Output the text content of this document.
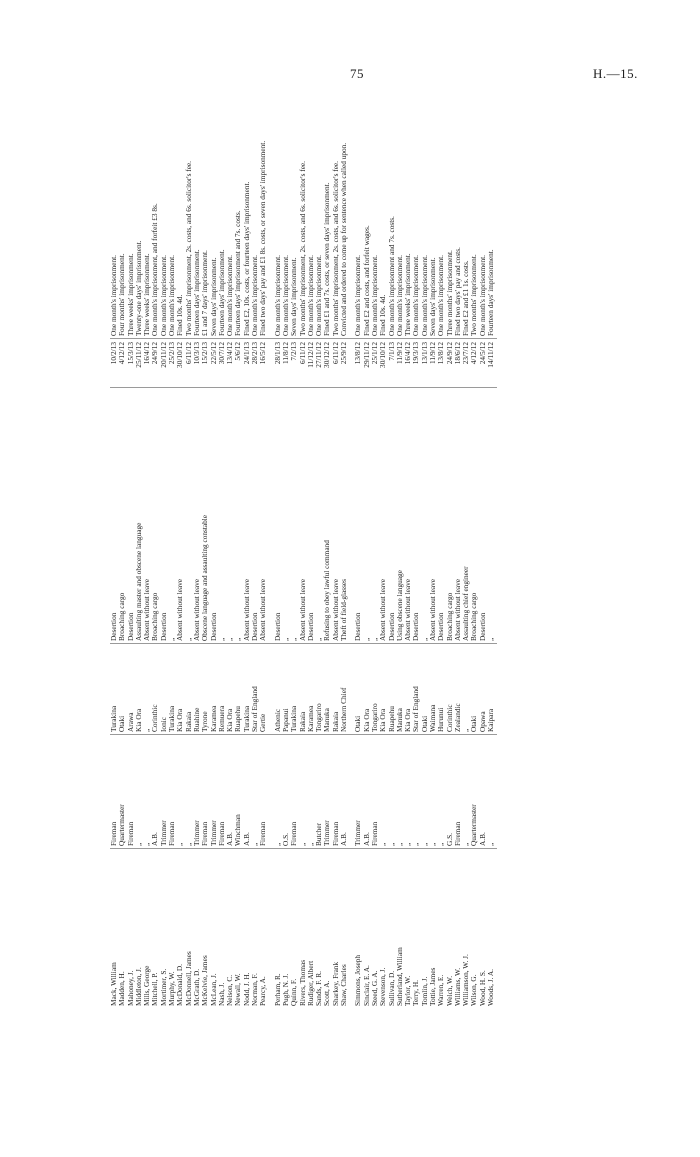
75	H.—15.
Mack, William
Fireman
Turakina
Desertion
10/2/13
One month's imprisonment.
Madden, H.
Quartermaster
Otaki
Broaching cargo
4/12/12
Four months' imprisonment.
Mahoney, J.
Fireman
Arawa
Desertion
15/3/13
Three weeks' imprisonment.
Middleton, J.
„
Kia Ora
Assaulting master and obscene language
25/11/12
Twenty-one days' imprisonment.
Mills, George
„
„
Absent without leave
16/4/12
Three weeks' imprisonment.
Mitchell, P.
A.B.
Corinthic
Broaching cargo
24/9/12
One month's imprisonment, and forfeit £3 8s.
Mortimer, S.
Trimmer
Ionic
Desertion
20/11/12
One month's imprisonment.
Murphy, W.
Fireman
Turakina
„
25/2/13
One month's imprisonment.
McDonald, D.
„
Kia Ora
Absent without leave
30/10/12
Fined 10s. 4d.
McDonnell, James
„
Rakaia
„
6/11/12
Two months' imprisonment, 2s. costs, and 6s. solicitor's fee.
McGrath, D.
Trimmer
Ruahine
Absent without leave
10/3/13
Fourteen days' imprisonment.
McKelvie, James
Fireman
Tyrone
Obscene language and assaulting constable
15/2/13
£1 and 7 days' imprisonment.
McLean, J.
Trimmer
Karamea
Desertion
22/5/12
Seven days' imprisonment.
Nash, J.
Fireman
Remuera
„
30/7/12
Fourteen days' imprisonment.
Nelson, C.
A.B.
Kia Ora
„
13/4/12
One month's imprisonment.
Newall, W.
Winchman
Ruapehu
„
5/6/12
Fourteen days' imprisonment and 7s. costs.
Nodd, J. H.
A.B.
Turakina
Absent without leave
24/1/13
Fined £2, 10s. costs, or fourteen days' imprisonment.
Norman, F.
„
Star of England
Desertion
28/2/13
One month's imprisonment.
Pearcy, A.
Fireman
Gertie
Absent without leave
16/5/12
Fined two days' pay and £1 8s. costs, or seven days' imprisonment.
Perham, R.
„
Athenic
Desertion
28/1/13
One month's imprisonment.
Pugh, N. J.
O.S.
Papanui
„
11/8/12
One month's imprisonment.
Quinn, F.
Fireman
Turakina
„
7/2/13
Seven days' imprisonment.
Rivers, Thomas
„
Rakaia
Absent without leave
6/11/12
Two months' imprisonment, 2s. costs, and 6s. solicitor's fee.
Rudiger, Albert
„
Karamea
Desertion
11/12/12
One month's imprisonment.
Sands, F. R.
Butcher
Tongariro
„
27/11/12
One month's imprisonment.
Scott, A.
Trimmer
Manuka
Refusing to obey lawful command
30/12/12
Fined £1 and 7s. costs, or seven days' imprisonment.
Sharkey, Frank
Fireman
Rakaia
Absent without leave
6/11/12
Two months' imprisonment, 2s. costs, and 6s. solicitor's fee.
Shaw, Charles
A.B.
Northern Chief
Theft of field-glasses
25/9/12
Convicted and ordered to come up for sentence when called upon.
Simmons, Joseph
Trimmer
Otaki
Desertion
13/8/12
One month's imprisonment.
Sinclair, E. A.
A.B.
Kia Ora
„
29/11/12
Fined £2 and costs, and forfeit wages.
Steed, G. A.
Fireman
Tongariro
„
25/1/12
One month's imprisonment.
Stevenson, J.
„
Kia Ora
Absent without leave
30/10/12
Fined 10s. 4d.
Sullivan, D.
„
Ruapehu
Desertion
7/1/13
One month's imprisonment and 7s. costs.
Sutherland, William
„
Manuka
Using obscene language
11/9/12
One month's imprisonment.
Taylor, W.
„
Kia Ora
Absent without leave
16/4/12
Three weeks' imprisonment.
Terry, H.
„
Star of England
Desertion
19/3/13
One month's imprisonment.
Tomlin, J.
„
Otaki
„
13/1/13
One month's imprisonment.
Tottie, James
„
Waimana
Absent without leave
11/9/12
Seven days' imprisonment.
Warren, E.
„
Hurunui
Desertion
13/8/12
One month's imprisonment.
Welch, W.
G.S.
Corinthic
Broaching cargo
24/9/12
Three months' imprisonment.
Williams, W.
Fireman
Zealandic
Absent without leave
18/6/12
Fined two days' pay and costs.
Williamson, W. J.
„
„
Assaulting chief engineer
23/7/12
Fined £2 and £1 1s. costs.
Wilson, G.
Quartermaster
Otaki
Broaching cargo
4/12/12
Two months' imprisonment.
Wood, H. S.
A.B.
Opawa
Desertion
24/5/12
One month's imprisonment.
Woods, J. A.
„
Kaipara
„
14/11/12
Fourteen days' imprisonment.
